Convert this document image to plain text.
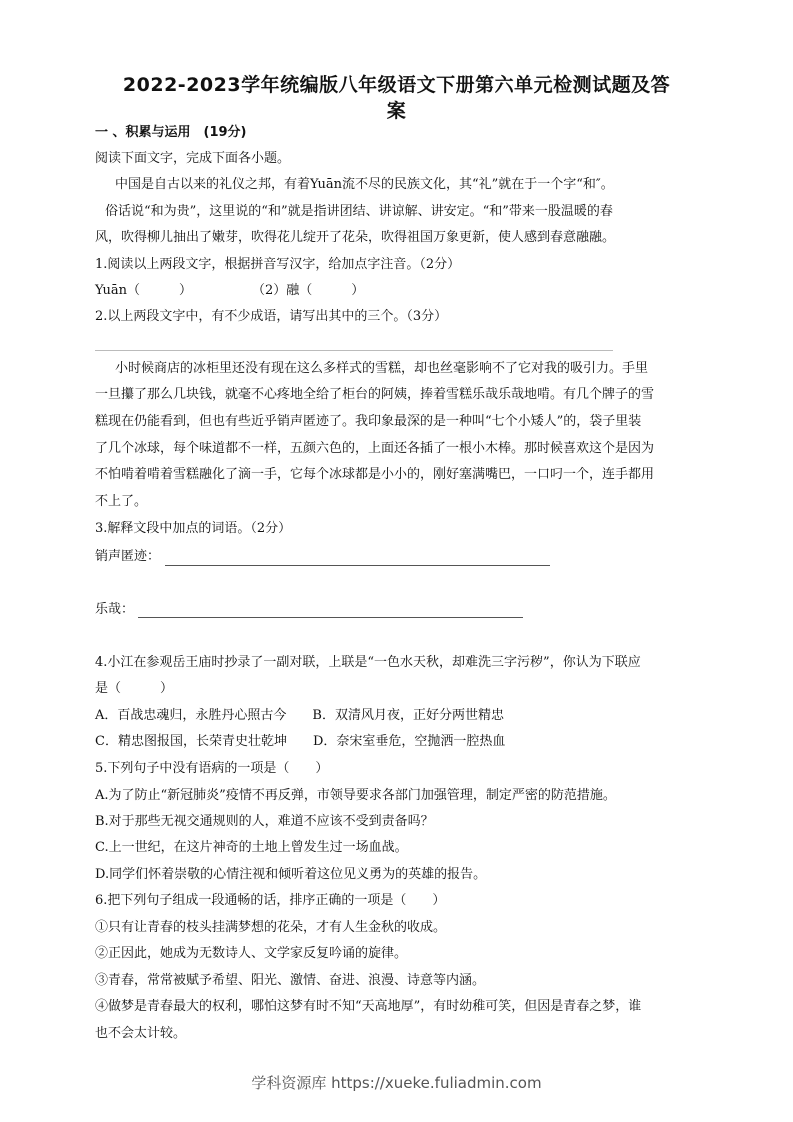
2022-2023学年统编版八年级语文下册第六单元检测试题及答
案
一 、积累与运用　(19分)
阅读下面文字，完成下面各小题。
中国是自古以来的礼仪之邦，有着Yuān流不尽的民族文化，其“礼”就在于一个字“和″。
俗话说“和为贵”，这里说的“和”就是指讲团结、讲谅解、讲安定。“和”带来一股温暖的春
风，吹得柳儿抽出了嫩芽，吹得花儿绽开了花朵，吹得祖国万象更新，使人感到春意融融。
1.阅读以上两段文字，根据拼音写汉字，给加点字注音。（2分）
Yuān（　　　）	（2）融（　　　）
2.以上两段文字中，有不少成语，请写出其中的三个。（3分）
小时候商店的冰柜里还没有现在这么多样式的雪糕，却也丝毫影响不了它对我的吸引力。手里
一旦攥了那么几块钱，就毫不心疼地全给了柜台的阿姨，捧着雪糕乐哉乐哉地啃。有几个牌子的雪
糕现在仍能看到，但也有些近乎销声匿迹了。我印象最深的是一种叫“七个小矮人”的，袋子里装
了几个冰球，每个味道都不一样，五颜六色的，上面还各插了一根小木棒。那时候喜欢这个是因为
不怕啃着啃着雪糕融化了滴一手，它每个冰球都是小小的，刚好塞满嘴巴，一口叼一个，连手都用
不上了。
3.解释文段中加点的词语。（2分）
销声匿迹：
乐哉：
4.小江在参观岳王庙时抄录了一副对联，上联是“一色水天秋，却难洗三字污秽”，你认为下联应
是（　　　）
A．百战忠魂归，永胜丹心照古今　　B．双清风月夜，正好分两世精忠
C．精忠图报国，长荣青史壮乾坤　　D．奈宋室垂危，空抛洒一腔热血
5.下列句子中没有语病的一项是（　　）
A.为了防止“新冠肺炎”疫情不再反弹，市领导要求各部门加强管理，制定严密的防范措施。
B.对于那些无视交通规则的人，难道不应该不受到责备吗？
C.上一世纪，在这片神奇的土地上曾发生过一场血战。
D.同学们怀着崇敬的心情注视和倾听着这位见义勇为的英雄的报告。
6.把下列句子组成一段通畅的话，排序正确的一项是（　　）
①只有让青春的枝头挂满梦想的花朵，才有人生金秋的收成。
②正因此，她成为无数诗人、文学家反复吟诵的旋律。
③青春，常常被赋予希望、阳光、激情、奋进、浪漫、诗意等内涵。
④做梦是青春最大的权利，哪怕这梦有时不知“天高地厚”，有时幼稚可笑，但因是青春之梦，谁
也不会太计较。
学科资源库 https://xueke.fuliadmin.com
